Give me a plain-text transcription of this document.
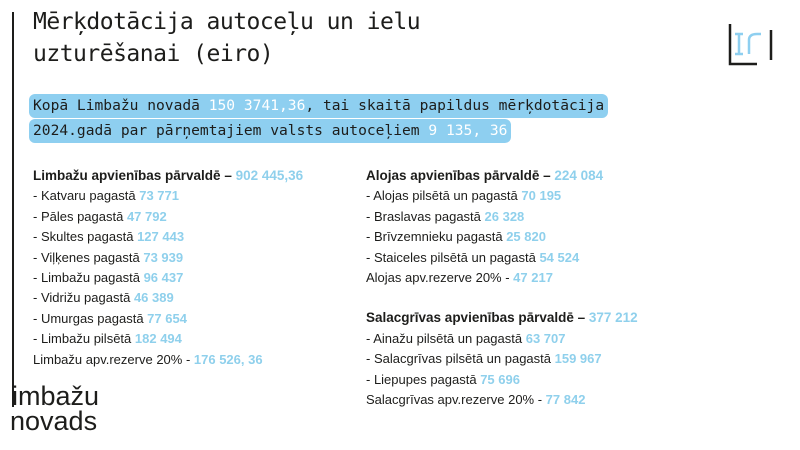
Mērķdotācija autoceļu un ielu
uzturēšanai (eiro)
Kopā Limbažu novadā 150 3741,36, tai skaitā papildus mērķdotācija
2024.gadā par pārņemtajiem valsts autoceļiem 9 135, 36
Limbažu apvienības pārvaldē – 902 445,36
- Katvaru pagastā 73 771
- Pāles pagastā 47 792
- Skultes pagastā 127 443
- Viļķenes pagastā 73 939
- Limbažu pagastā 96 437
- Vidrižu pagastā 46 389
- Umurgas pagastā 77 654
- Limbažu pilsētā 182 494
Limbažu apv.rezerve 20% - 176 526, 36
Alojas apvienības pārvaldē – 224 084
- Alojas pilsētā un pagastā 70 195
- Braslavas pagastā 26 328
- Brīvzemnieku pagastā 25 820
- Staiceles pilsētā un pagastā 54 524
Alojas apv.rezerve 20% - 47 217
Salacgrīvas apvienības pārvaldē – 377 212
- Ainažu pilsētā un pagastā 63 707
- Salacgrīvas pilsētā un pagastā 159 967
- Liepupes pagastā 75 696
Salacgrīvas apv.rezerve 20% - 77 842
imbažu
novads
